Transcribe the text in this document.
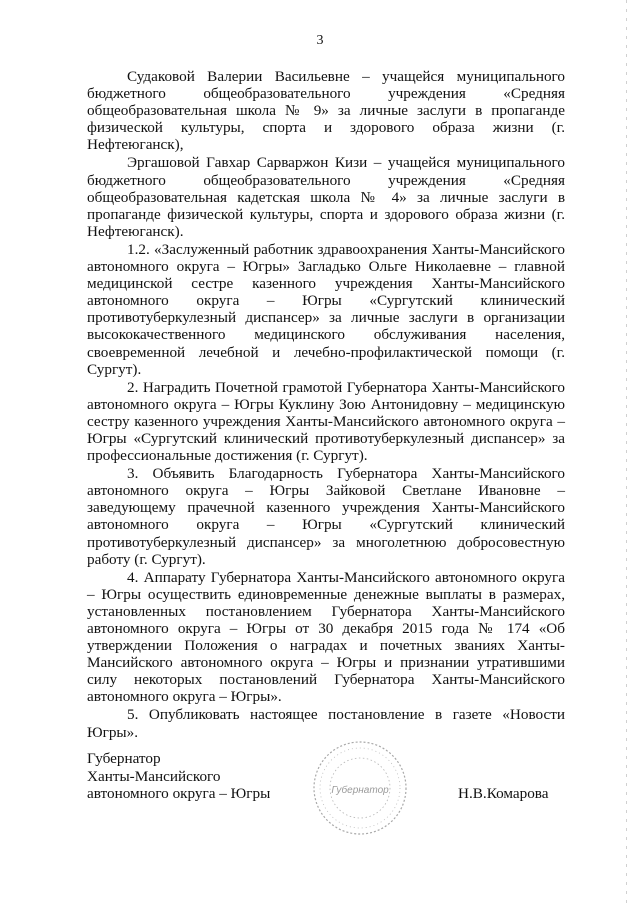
3

Судаковой Валерии Васильевне – учащейся муниципального бюджетного общеобразовательного учреждения «Средняя общеобразовательная школа № 9» за личные заслуги в пропаганде физической культуры, спорта и здорового образа жизни (г. Нефтеюганск),

Эргашовой Гавхар Сарваржон Кизи – учащейся муниципального бюджетного общеобразовательного учреждения «Средняя общеобразовательная кадетская школа № 4» за личные заслуги в пропаганде физической культуры, спорта и здорового образа жизни (г. Нефтеюганск).

1.2. «Заслуженный работник здравоохранения Ханты-Мансийского автономного округа – Югры» Загладько Ольге Николаевне – главной медицинской сестре казенного учреждения Ханты-Мансийского автономного округа – Югры «Сургутский клинический противотуберкулезный диспансер» за личные заслуги в организации высококачественного медицинского обслуживания населения, своевременной лечебной и лечебно-профилактической помощи (г. Сургут).

2. Наградить Почетной грамотой Губернатора Ханты-Мансийского автономного округа – Югры Куклину Зою Антонидовну – медицинскую сестру казенного учреждения Ханты-Мансийского автономного округа – Югры «Сургутский клинический противотуберкулезный диспансер» за профессиональные достижения (г. Сургут).

3. Объявить Благодарность Губернатора Ханты-Мансийского автономного округа – Югры Зайковой Светлане Ивановне – заведующему прачечной казенного учреждения Ханты-Мансийского автономного округа – Югры «Сургутский клинический противотуберкулезный диспансер» за многолетнюю добросовестную работу (г. Сургут).

4. Аппарату Губернатора Ханты-Мансийского автономного округа – Югры осуществить единовременные денежные выплаты в размерах, установленных постановлением Губернатора Ханты-Мансийского автономного округа – Югры от 30 декабря 2015 года № 174 «Об утверждении Положения о наградах и почетных званиях Ханты-Мансийского автономного округа – Югры и признании утратившими силу некоторых постановлений Губернатора Ханты-Мансийского автономного округа – Югры».

5. Опубликовать настоящее постановление в газете «Новости Югры».

Губернатор
Ханты-Мансийского
автономного округа – Югры	Губернатор	Н.В.Комарова
